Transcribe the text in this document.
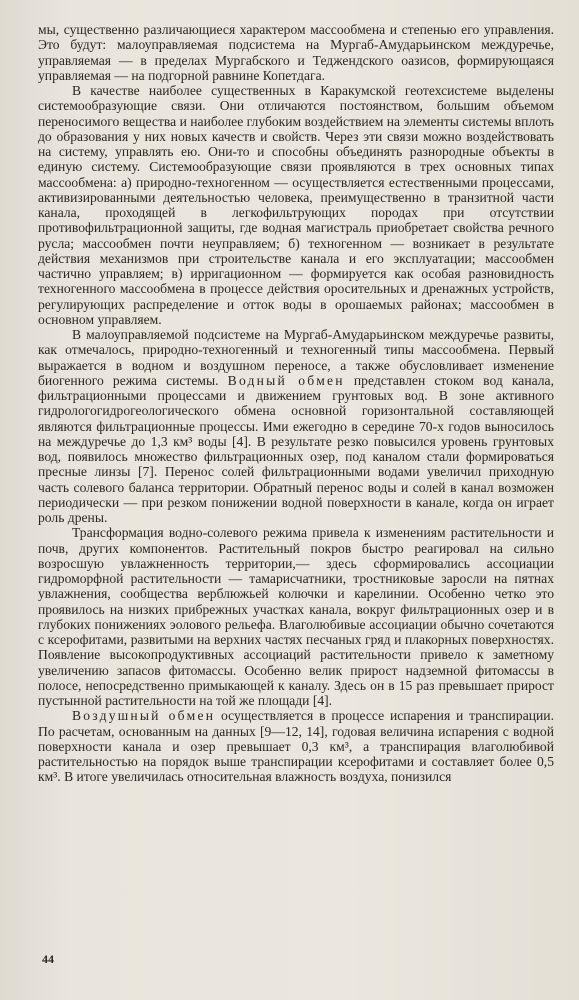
мы, существенно различающиеся характером массообмена и степенью его управления. Это будут: малоуправляемая подсистема на Мургаб-Амударьинском междуречье, управляемая — в пределах Мургабского и Теджендского оазисов, формирующаяся управляемая — на подгорной равнине Копетдага.

В качестве наиболее существенных в Каракумской геотехсистеме выделены системообразующие связи. Они отличаются постоянством, большим объемом переносимого вещества и наиболее глубоким воздействием на элементы системы вплоть до образования у них новых качеств и свойств. Через эти связи можно воздействовать на систему, управлять ею. Они-то и способны объединять разнородные объекты в единую систему. Системообразующие связи проявляются в трех основных типах массообмена: а) природно-техногенном — осуществляется естественными процессами, активизированными деятельностью человека, преимущественно в транзитной части канала, проходящей в легкофильтрующих породах при отсутствии противофильтрационной защиты, где водная магистраль приобретает свойства речного русла; массообмен почти неуправляем; б) техногенном — возникает в результате действия механизмов при строительстве канала и его эксплуатации; массообмен частично управляем; в) ирригационном — формируется как особая разновидность техногенного массообмена в процессе действия оросительных и дренажных устройств, регулирующих распределение и отток воды в орошаемых районах; массообмен в основном управляем.

В малоуправляемой подсистеме на Мургаб-Амударьинском междуречье развиты, как отмечалось, природно-техногенный и техногенный типы массообмена. Первый выражается в водном и воздушном переносе, а также обусловливает изменение биогенного режима системы. Водный обмен представлен стоком вод канала, фильтрационными процессами и движением грунтовых вод. В зоне активного гидрологогидрогеологического обмена основной горизонтальной составляющей являются фильтрационные процессы. Ими ежегодно в середине 70-х годов выносилось на междуречье до 1,3 км³ воды [4]. В результате резко повысился уровень грунтовых вод, появилось множество фильтрационных озер, под каналом стали формироваться пресные линзы [7]. Перенос солей фильтрационными водами увеличил приходную часть солевого баланса территории. Обратный перенос воды и солей в канал возможен периодически — при резком понижении водной поверхности в канале, когда он играет роль дрены.

Трансформация водно-солевого режима привела к изменениям растительности и почв, других компонентов. Растительный покров быстро реагировал на сильно возросшую увлажненность территории,— здесь сформировались ассоциации гидроморфной растительности — тамарисчатники, тростниковые заросли на пятнах увлажнения, сообщества верблюжьей колючки и карелинии. Особенно четко это проявилось на низких прибрежных участках канала, вокруг фильтрационных озер и в глубоких понижениях эолового рельефа. Влаголюбивые ассоциации обычно сочетаются с ксерофитами, развитыми на верхних частях песчаных гряд и плакорных поверхностях. Появление высокопродуктивных ассоциаций растительности привело к заметному увеличению запасов фитомассы. Особенно велик прирост надземной фитомассы в полосе, непосредственно примыкающей к каналу. Здесь он в 15 раз превышает прирост пустынной растительности на той же площади [4].

Воздушный обмен осуществляется в процессе испарения и транспирации. По расчетам, основанным на данных [9—12, 14], годовая величина испарения с водной поверхности канала и озер превышает 0,3 км³, а транспирация влаголюбивой растительностью на порядок выше транспирации ксерофитами и составляет более 0,5 км³. В итоге увеличилась относительная влажность воздуха, понизился

44
